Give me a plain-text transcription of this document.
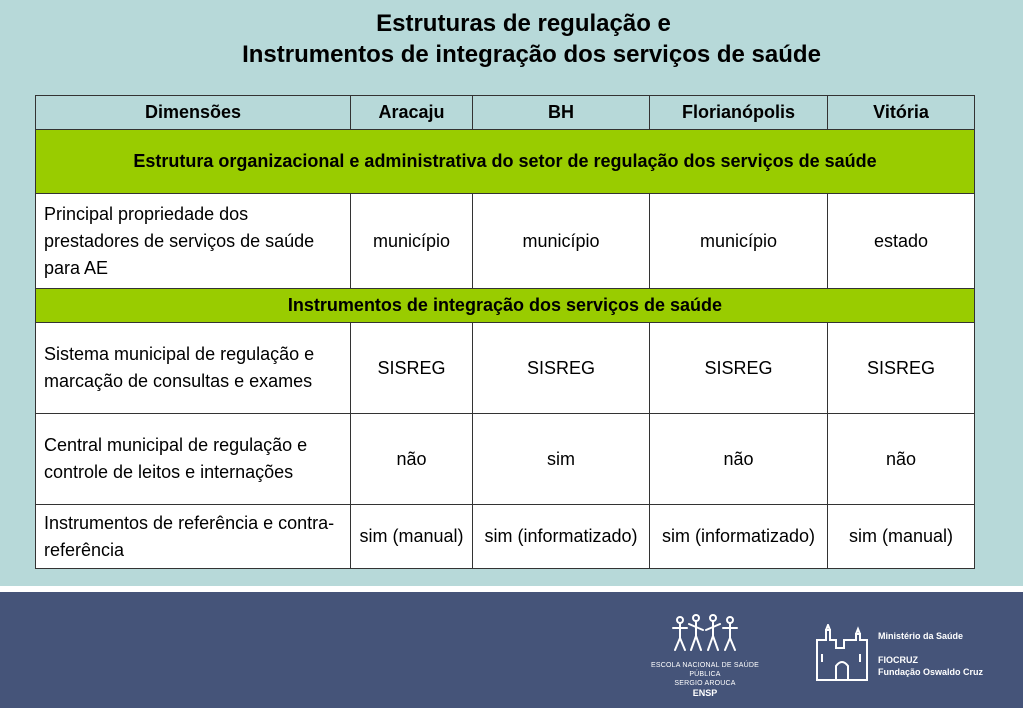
Estruturas de regulação e
Instrumentos de integração dos serviços de saúde
Dimensões	Aracaju	BH	Florianópolis	Vitória
Estrutura organizacional e administrativa do setor de regulação dos serviços de saúde				
Principal propriedade dos prestadores de serviços de saúde para AE	município	município	município	estado
Instrumentos de integração dos serviços de saúde				
Sistema municipal de regulação e marcação de consultas e exames	SISREG	SISREG	SISREG	SISREG
Central municipal de regulação e controle de leitos e internações	não	sim	não	não
Instrumentos de referência e contra-referência	sim (manual)	sim (informatizado)	sim (informatizado)	sim (manual)
ESCOLA NACIONAL DE SAÚDE PÚBLICA
SERGIO AROUCA
ENSP
Ministério da Saúde
FIOCRUZ
Fundação Oswaldo Cruz
